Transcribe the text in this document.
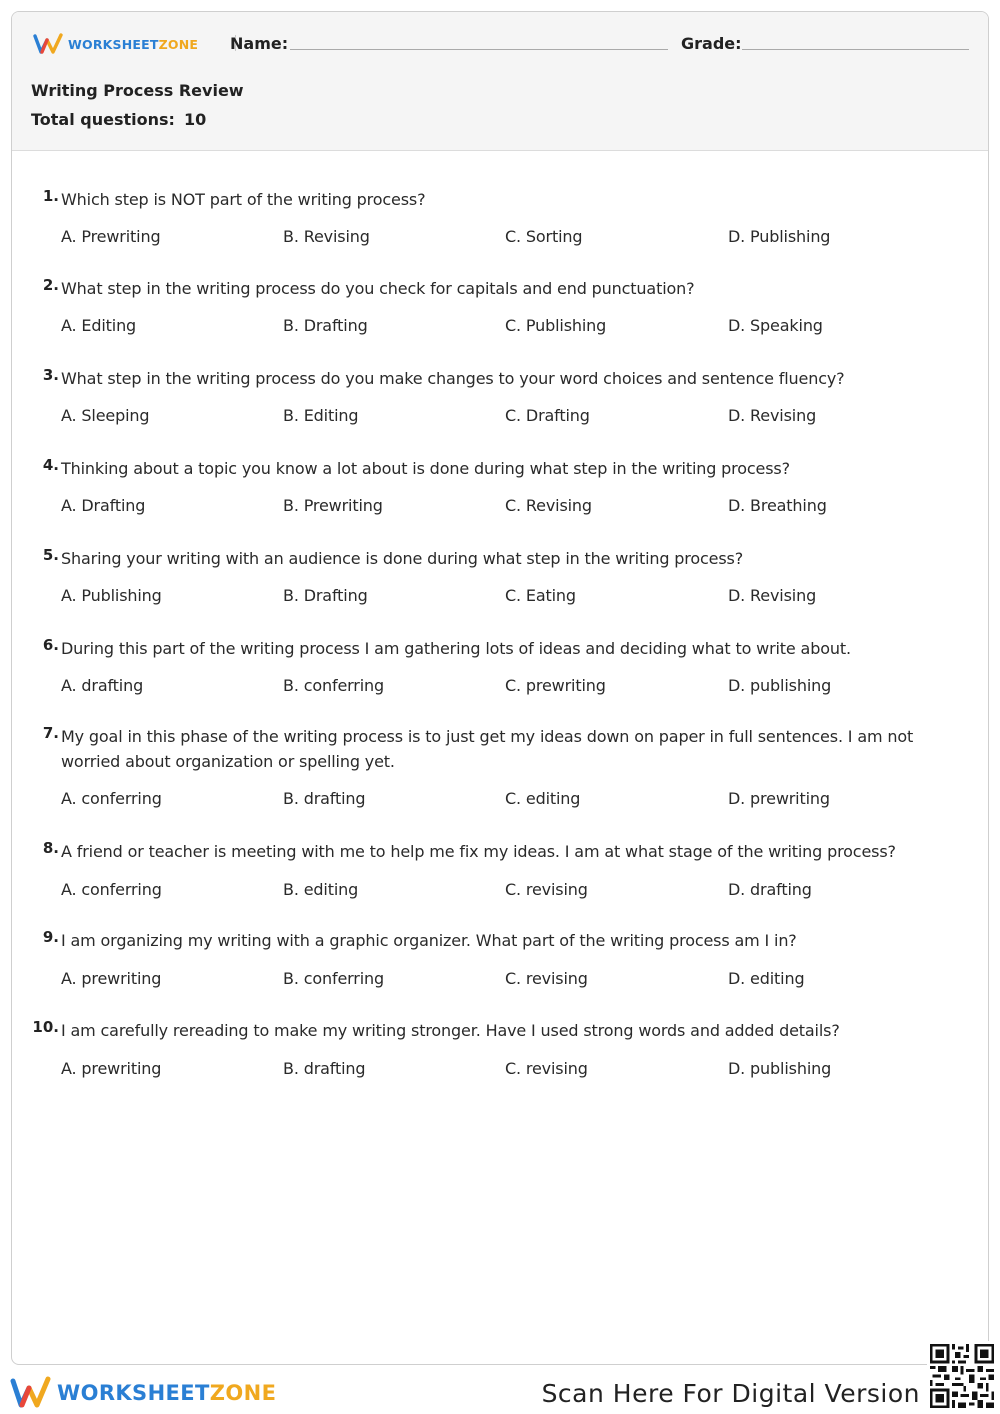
WORKSHEETZONE Name:	Grade:
Writing Process Review
Total questions: 10
1. Which step is NOT part of the writing process?
A. Prewriting	B. Revising	C. Sorting	D. Publishing
2. What step in the writing process do you check for capitals and end punctuation?
A. Editing	B. Drafting	C. Publishing	D. Speaking
3. What step in the writing process do you make changes to your word choices and sentence fluency?
A. Sleeping	B. Editing	C. Drafting	D. Revising
4. Thinking about a topic you know a lot about is done during what step in the writing process?
A. Drafting	B. Prewriting	C. Revising	D. Breathing
5. Sharing your writing with an audience is done during what step in the writing process?
A. Publishing	B. Drafting	C. Eating	D. Revising
6. During this part of the writing process I am gathering lots of ideas and deciding what to write about.
A. drafting	B. conferring	C. prewriting	D. publishing
7. My goal in this phase of the writing process is to just get my ideas down on paper in full sentences. I am not worried about organization or spelling yet.
A. conferring	B. drafting	C. editing	D. prewriting
8. A friend or teacher is meeting with me to help me fix my ideas. I am at what stage of the writing process?
A. conferring	B. editing	C. revising	D. drafting
9. I am organizing my writing with a graphic organizer. What part of the writing process am I in?
A. prewriting	B. conferring	C. revising	D. editing
10. I am carefully rereading to make my writing stronger. Have I used strong words and added details?
A. prewriting	B. drafting	C. revising	D. publishing
WORKSHEETZONE	Scan Here For Digital Version
